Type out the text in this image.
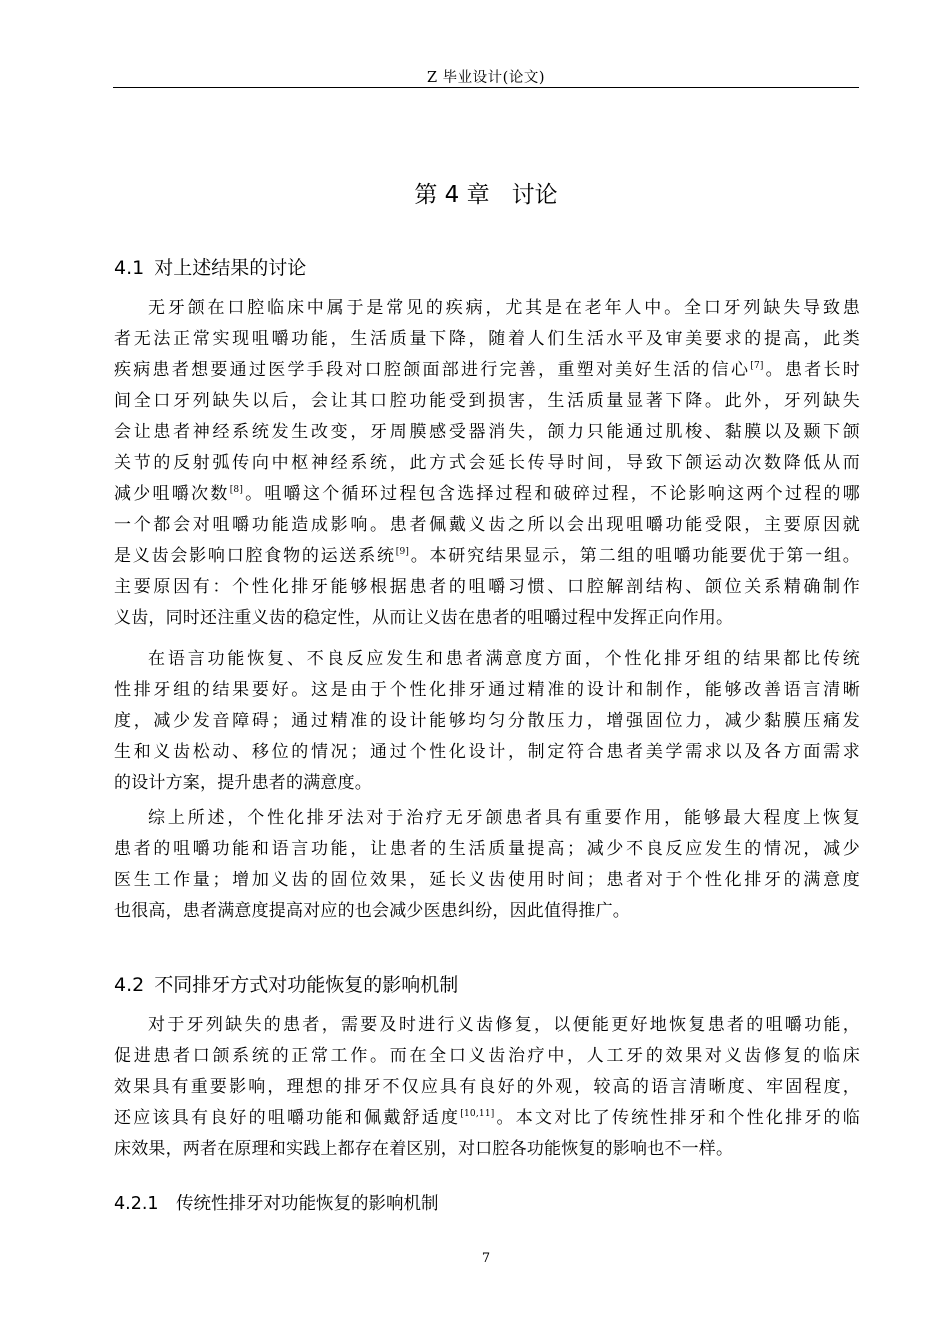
Z 毕业设计(论文)
第 4 章 讨论
4.1 对上述结果的讨论
无牙颌在口腔临床中属于是常见的疾病，尤其是在老年人中。全口牙列缺失导致患
者无法正常实现咀嚼功能，生活质量下降，随着人们生活水平及审美要求的提高，此类
疾病患者想要通过医学手段对口腔颌面部进行完善，重塑对美好生活的信心[7]。患者长时
间全口牙列缺失以后，会让其口腔功能受到损害，生活质量显著下降。此外，牙列缺失
会让患者神经系统发生改变，牙周膜感受器消失，颌力只能通过肌梭、黏膜以及颞下颌
关节的反射弧传向中枢神经系统，此方式会延长传导时间，导致下颌运动次数降低从而
减少咀嚼次数[8]。咀嚼这个循环过程包含选择过程和破碎过程，不论影响这两个过程的哪
一个都会对咀嚼功能造成影响。患者佩戴义齿之所以会出现咀嚼功能受限，主要原因就
是义齿会影响口腔食物的运送系统[9]。本研究结果显示，第二组的咀嚼功能要优于第一组。
主要原因有：个性化排牙能够根据患者的咀嚼习惯、口腔解剖结构、颌位关系精确制作
义齿，同时还注重义齿的稳定性，从而让义齿在患者的咀嚼过程中发挥正向作用。
在语言功能恢复、不良反应发生和患者满意度方面，个性化排牙组的结果都比传统
性排牙组的结果要好。这是由于个性化排牙通过精准的设计和制作，能够改善语言清晰
度，减少发音障碍；通过精准的设计能够均匀分散压力，增强固位力，减少黏膜压痛发
生和义齿松动、移位的情况；通过个性化设计，制定符合患者美学需求以及各方面需求
的设计方案，提升患者的满意度。
综上所述，个性化排牙法对于治疗无牙颌患者具有重要作用，能够最大程度上恢复
患者的咀嚼功能和语言功能，让患者的生活质量提高；减少不良反应发生的情况，减少
医生工作量；增加义齿的固位效果，延长义齿使用时间；患者对于个性化排牙的满意度
也很高，患者满意度提高对应的也会减少医患纠纷，因此值得推广。
4.2 不同排牙方式对功能恢复的影响机制
对于牙列缺失的患者，需要及时进行义齿修复，以便能更好地恢复患者的咀嚼功能，
促进患者口颌系统的正常工作。而在全口义齿治疗中，人工牙的效果对义齿修复的临床
效果具有重要影响，理想的排牙不仅应具有良好的外观，较高的语言清晰度、牢固程度，
还应该具有良好的咀嚼功能和佩戴舒适度[10,11]。本文对比了传统性排牙和个性化排牙的临
床效果，两者在原理和实践上都存在着区别，对口腔各功能恢复的影响也不一样。
4.2.1 传统性排牙对功能恢复的影响机制
7
